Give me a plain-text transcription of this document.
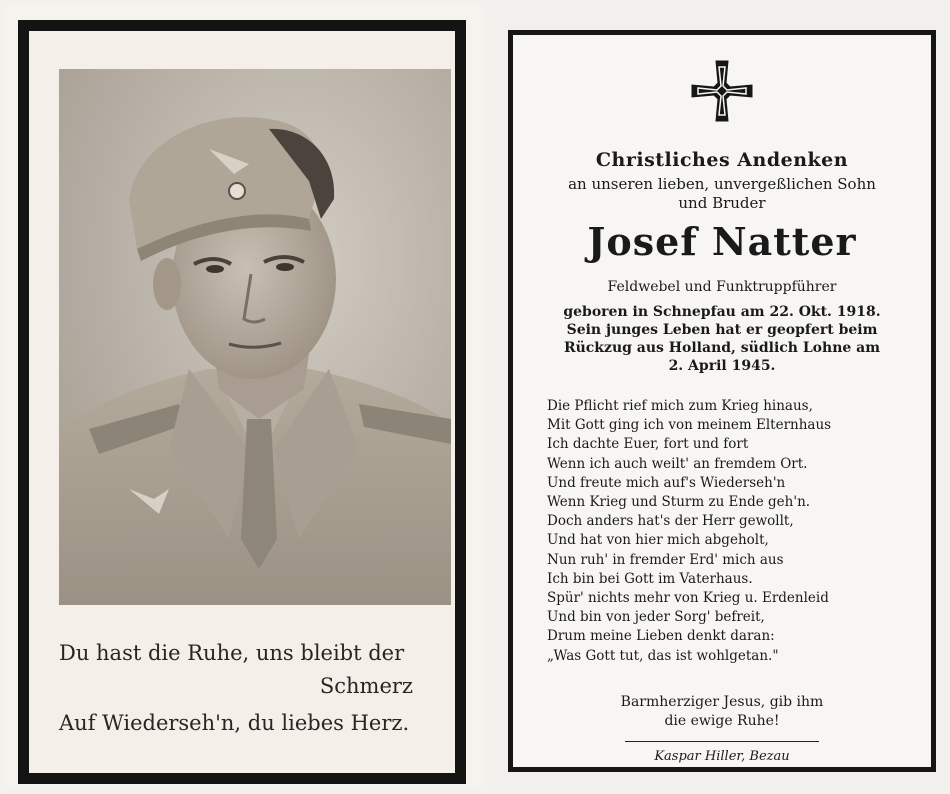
Du hast die Ruhe, uns bleibt der
Schmerz
Auf Wiederseh'n, du liebes Herz.
Christliches Andenken
an unseren lieben, unvergeßlichen Sohn
und Bruder
Josef Natter
Feldwebel und Funktruppführer
geboren in Schnepfau am 22. Okt. 1918.
Sein junges Leben hat er geopfert beim
Rückzug aus Holland, südlich Lohne am
2. April 1945.
Die Pflicht rief mich zum Krieg hinaus,
Mit Gott ging ich von meinem Elternhaus
Ich dachte Euer, fort und fort
Wenn ich auch weilt' an fremdem Ort.
Und freute mich auf's Wiederseh'n
Wenn Krieg und Sturm zu Ende geh'n.
Doch anders hat's der Herr gewollt,
Und hat von hier mich abgeholt,
Nun ruh' in fremder Erd' mich aus
Ich bin bei Gott im Vaterhaus.
Spür' nichts mehr von Krieg u. Erdenleid
Und bin von jeder Sorg' befreit,
Drum meine Lieben denkt daran:
„Was Gott tut, das ist wohlgetan."
Barmherziger Jesus, gib ihm
die ewige Ruhe!
Kaspar Hiller, Bezau
